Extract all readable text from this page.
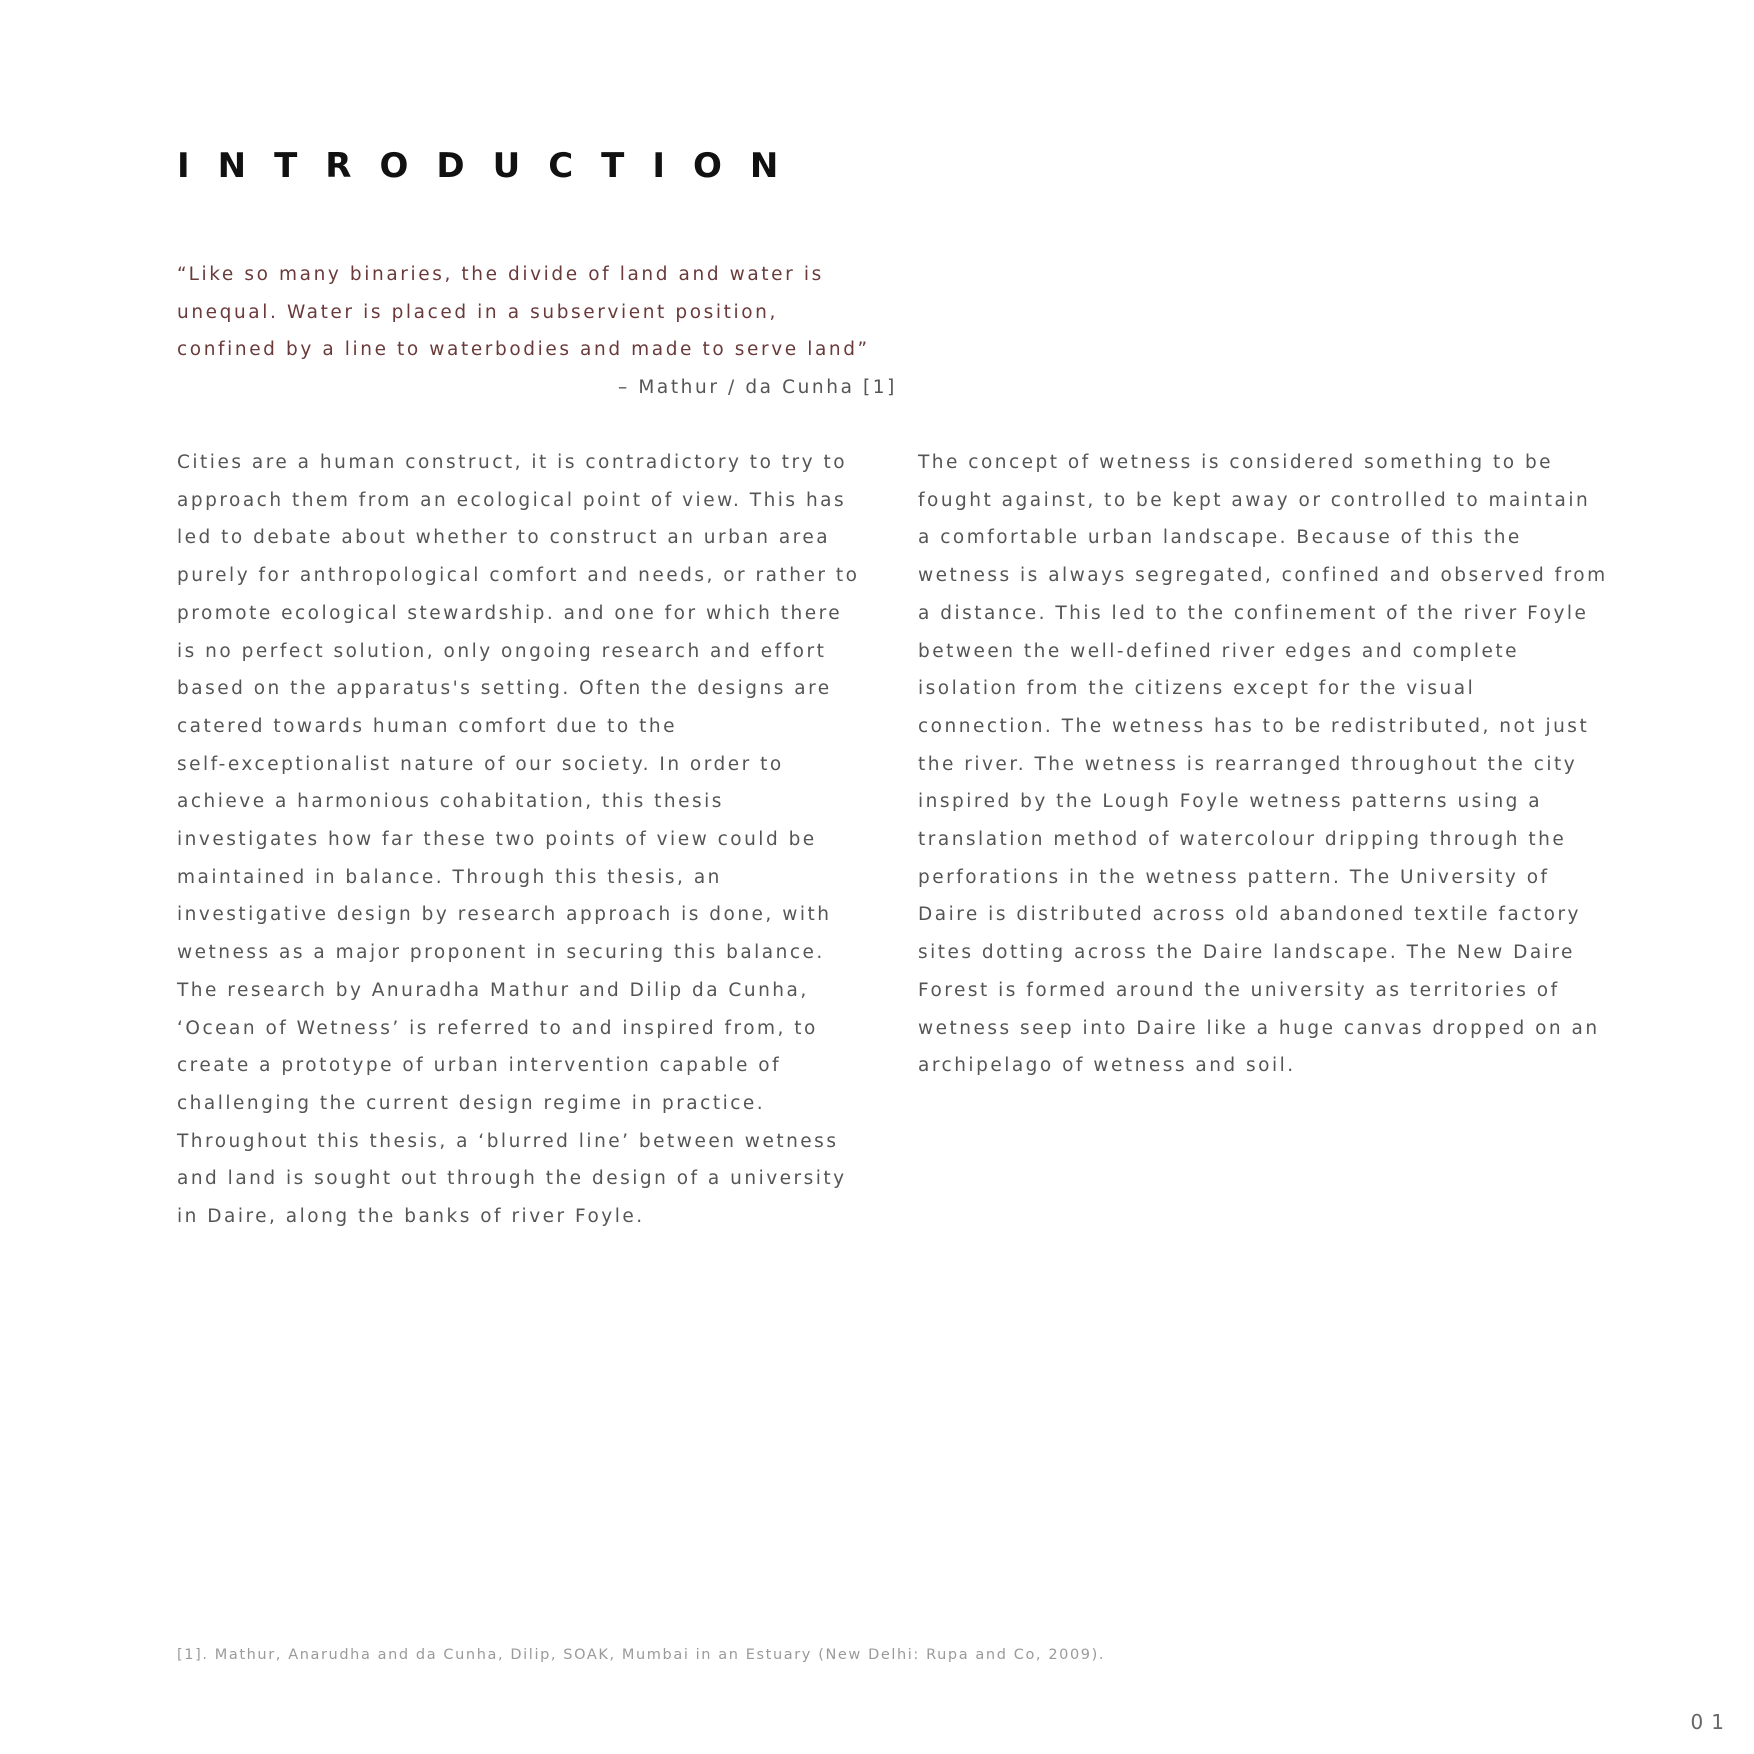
INTRODUCTION
“Like so many binaries, the divide of land and water is
unequal. Water is placed in a subservient position,
confined by a line to waterbodies and made to serve land”
– Mathur / da Cunha [1]
Cities are a human construct, it is contradictory to try to
approach them from an ecological point of view. This has
led to debate about whether to construct an urban area
purely for anthropological comfort and needs, or rather to
promote ecological stewardship. and one for which there
is no perfect solution, only ongoing research and effort
based on the apparatus's setting. Often the designs are
catered towards human comfort due to the
self-exceptionalist nature of our society. In order to
achieve a harmonious cohabitation, this thesis
investigates how far these two points of view could be
maintained in balance. Through this thesis, an
investigative design by research approach is done, with
wetness as a major proponent in securing this balance.
The research by Anuradha Mathur and Dilip da Cunha,
‘Ocean of Wetness’ is referred to and inspired from, to
create a prototype of urban intervention capable of
challenging the current design regime in practice.
Throughout this thesis, a ‘blurred line’ between wetness
and land is sought out through the design of a university
in Daire, along the banks of river Foyle.
The concept of wetness is considered something to be
fought against, to be kept away or controlled to maintain
a comfortable urban landscape. Because of this the
wetness is always segregated, confined and observed from
a distance. This led to the confinement of the river Foyle
between the well-defined river edges and complete
isolation from the citizens except for the visual
connection. The wetness has to be redistributed, not just
the river. The wetness is rearranged throughout the city
inspired by the Lough Foyle wetness patterns using a
translation method of watercolour dripping through the
perforations in the wetness pattern. The University of
Daire is distributed across old abandoned textile factory
sites dotting across the Daire landscape. The New Daire
Forest is formed around the university as territories of
wetness seep into Daire like a huge canvas dropped on an
archipelago of wetness and soil.

[1]. Mathur, Anarudha and da Cunha, Dilip, SOAK, Mumbai in an Estuary (New Delhi: Rupa and Co, 2009).

01
